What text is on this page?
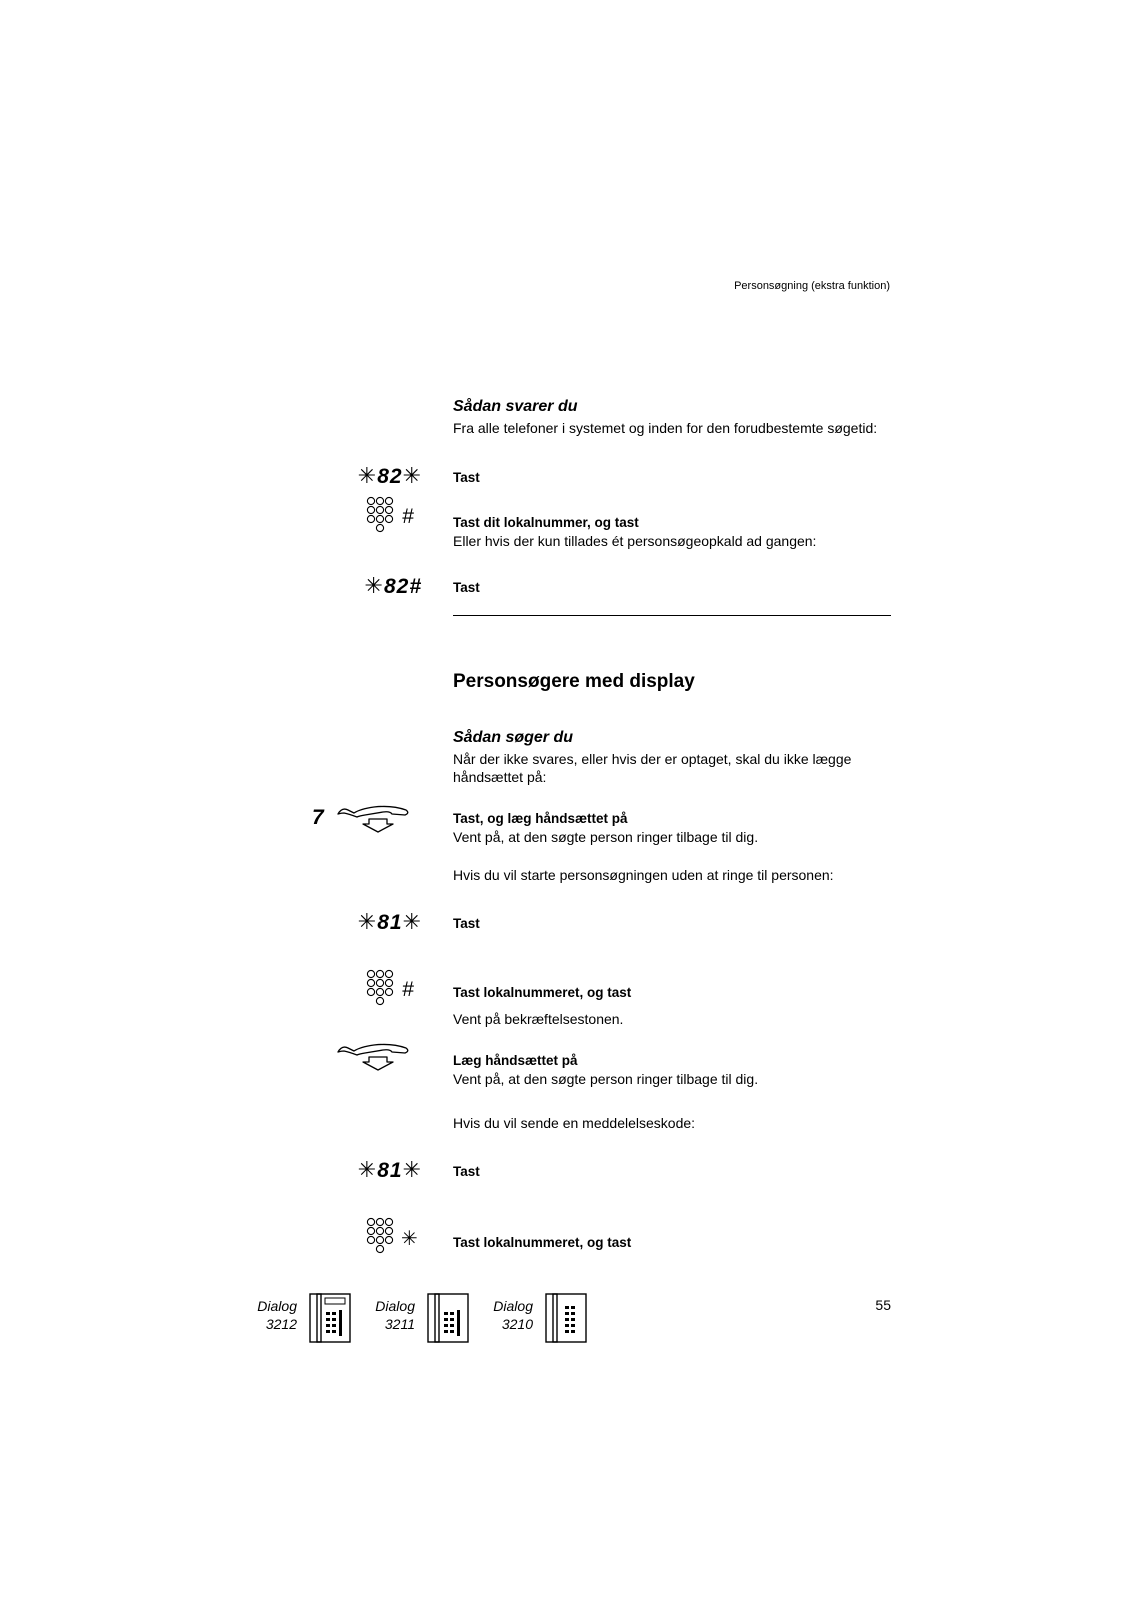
Personsøgning (ekstra funktion)
Sådan svarer du
Fra alle telefoner i systemet og inden for den forudbestemte søgetid:
✳82✳ Tast
#	Tast dit lokalnummer, og tast
Eller hvis der kun tillades ét personsøgeopkald ad gangen:
✳82# Tast
Personsøgere med display
Sådan søger du
Når der ikke svares, eller hvis der er optaget, skal du ikke lægge håndsættet på:
7	Tast, og læg håndsættet på
Vent på, at den søgte person ringer tilbage til dig.
Hvis du vil starte personsøgningen uden at ringe til personen:
✳81✳ Tast
#	Tast lokalnummeret, og tast
Vent på bekræftelsestonen.
Læg håndsættet på
Vent på, at den søgte person ringer tilbage til dig.
Hvis du vil sende en meddelelseskode:
✳81✳ Tast
✳	Tast lokalnummeret, og tast
Dialog
3212
Dialog
3211
Dialog
3210
55
